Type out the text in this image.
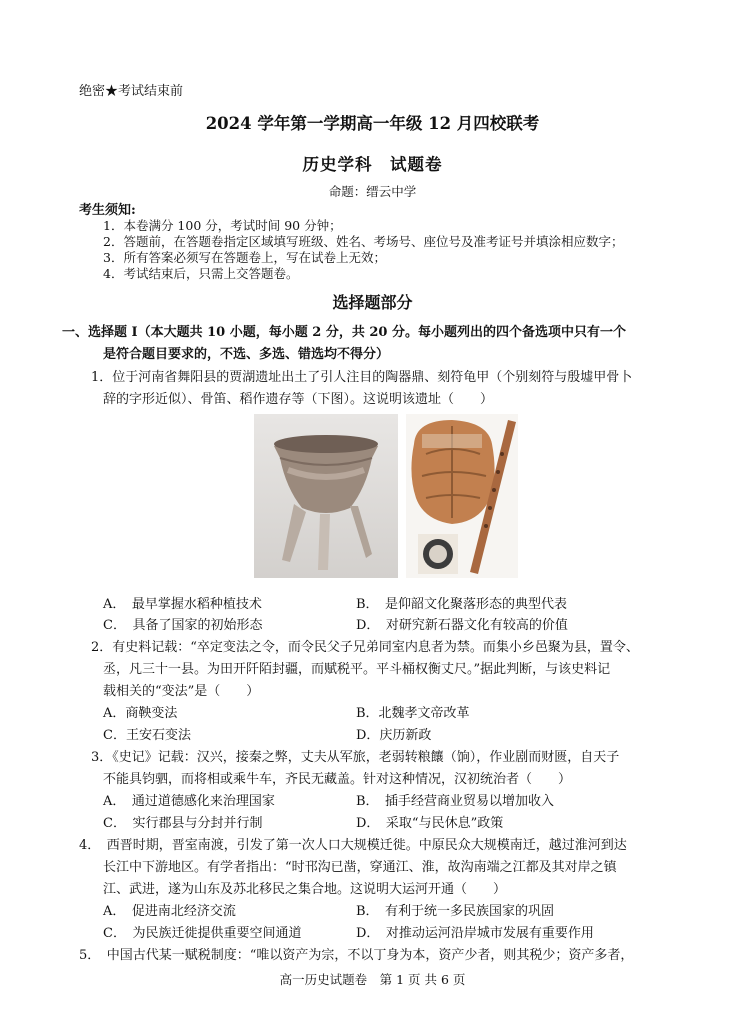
绝密★考试结束前
2024 学年第一学期高一年级 12 月四校联考
历史学科　试题卷
命题：缙云中学
考生须知:
1．本卷满分 100 分，考试时间 90 分钟；
2．答题前，在答题卷指定区域填写班级、姓名、考场号、座位号及准考证号并填涂相应数字；
3．所有答案必须写在答题卷上，写在试卷上无效；
4．考试结束后，只需上交答题卷。
选择题部分
一、选择题 I（本大题共 10 小题，每小题 2 分，共 20 分。每小题列出的四个备选项中只有一个
是符合题目要求的，不选、多选、错选均不得分）
1．位于河南省舞阳县的贾湖遗址出土了引人注目的陶器鼎、刻符龟甲（个别刻符与殷墟甲骨卜
辞的字形近似）、骨笛、稻作遗存等（下图）。这说明该遗址（　　）
A．　最早掌握水稻种植技术	B．　是仰韶文化聚落形态的典型代表
C．　具备了国家的初始形态	D．　对研究新石器文化有较高的价值
2．有史料记载：“卒定变法之令，而令民父子兄弟同室内息者为禁。而集小乡邑聚为县，置令、
丞，凡三十一县。为田开阡陌封疆，而赋税平。平斗桶权衡丈尺。”据此判断，与该史料记
载相关的“变法”是（　　）
A．商鞅变法	B．北魏孝文帝改革
C．王安石变法	D．庆历新政
3．《史记》记载：汉兴，接秦之弊，丈夫从军旅，老弱转粮饟（饷），作业剧而财匮，自天子
不能具钧驷，而将相或乘牛车，齐民无藏盖。针对这种情况，汉初统治者（　　）
A．　通过道德感化来治理国家	B．　插手经营商业贸易以增加收入
C．　实行郡县与分封并行制	D．　采取“与民休息”政策
4．　西晋时期，晋室南渡，引发了第一次人口大规模迁徙。中原民众大规模南迁，越过淮河到达
长江中下游地区。有学者指出：“时邗沟已凿，穿通江、淮，故沟南端之江都及其对岸之镇
江、武进，遂为山东及苏北移民之集合地。这说明大运河开通（　　）
A．　促进南北经济交流	B．　有利于统一多民族国家的巩固
C．　为民族迁徙提供重要空间通道	D．　对推动运河沿岸城市发展有重要作用
5．　中国古代某一赋税制度：“唯以资产为宗，不以丁身为本，资产少者，则其税少；资产多者，
高一历史试题卷　第 1 页 共 6 页
